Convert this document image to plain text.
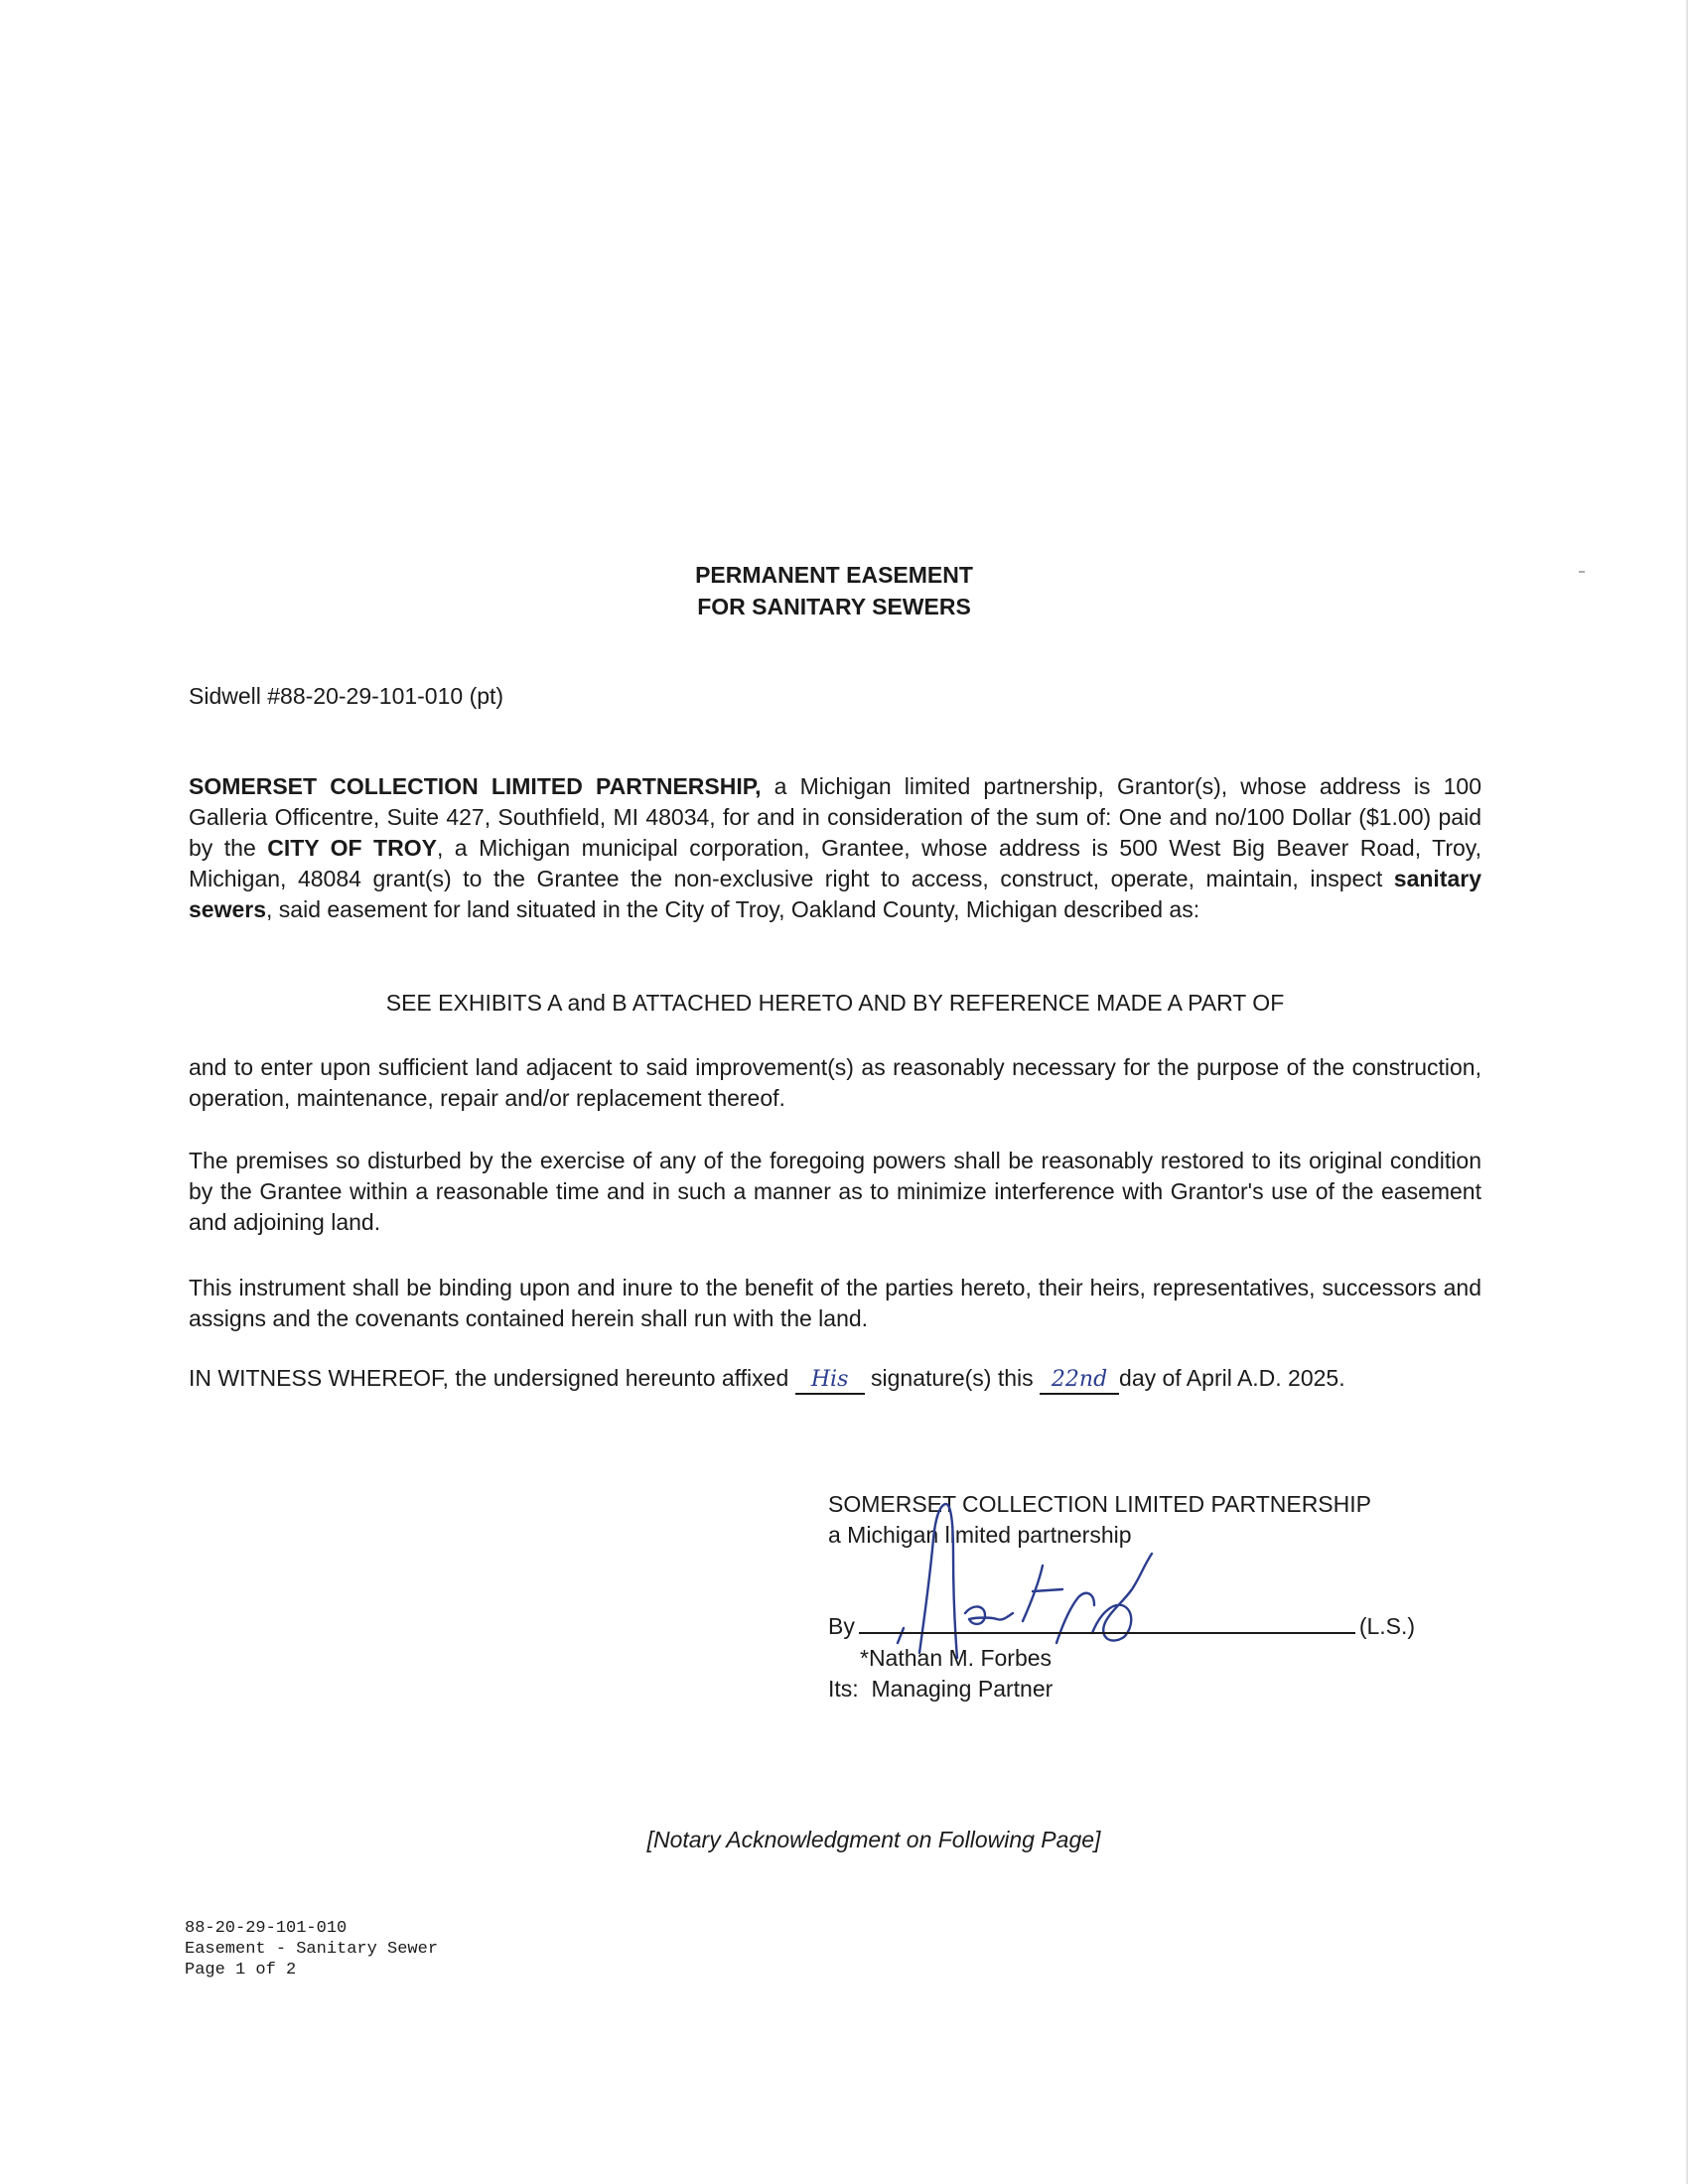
PERMANENT EASEMENT
FOR SANITARY SEWERS
Sidwell #88-20-29-101-010 (pt)
SOMERSET COLLECTION LIMITED PARTNERSHIP, a Michigan limited partnership, Grantor(s), whose address is 100 Galleria Officentre, Suite 427, Southfield, MI 48034, for and in consideration of the sum of: One and no/100 Dollar ($1.00) paid by the CITY OF TROY, a Michigan municipal corporation, Grantee, whose address is 500 West Big Beaver Road, Troy, Michigan, 48084 grant(s) to the Grantee the non-exclusive right to access, construct, operate, maintain, inspect sanitary sewers, said easement for land situated in the City of Troy, Oakland County, Michigan described as:
SEE EXHIBITS A and B ATTACHED HERETO AND BY REFERENCE MADE A PART OF
and to enter upon sufficient land adjacent to said improvement(s) as reasonably necessary for the purpose of the construction, operation, maintenance, repair and/or replacement thereof.
The premises so disturbed by the exercise of any of the foregoing powers shall be reasonably restored to its original condition by the Grantee within a reasonable time and in such a manner as to minimize interference with Grantor's use of the easement and adjoining land.
This instrument shall be binding upon and inure to the benefit of the parties hereto, their heirs, representatives, successors and assigns and the covenants contained herein shall run with the land.
IN WITNESS WHEREOF, the undersigned hereunto affixed His signature(s) this 22nd day of April A.D. 2025.
SOMERSET COLLECTION LIMITED PARTNERSHIP
a Michigan limited partnership
By	(L.S.)
*Nathan M. Forbes
Its: Managing Partner
[Notary Acknowledgment on Following Page]
88-20-29-101-010
Easement - Sanitary Sewer
Page 1 of 2
